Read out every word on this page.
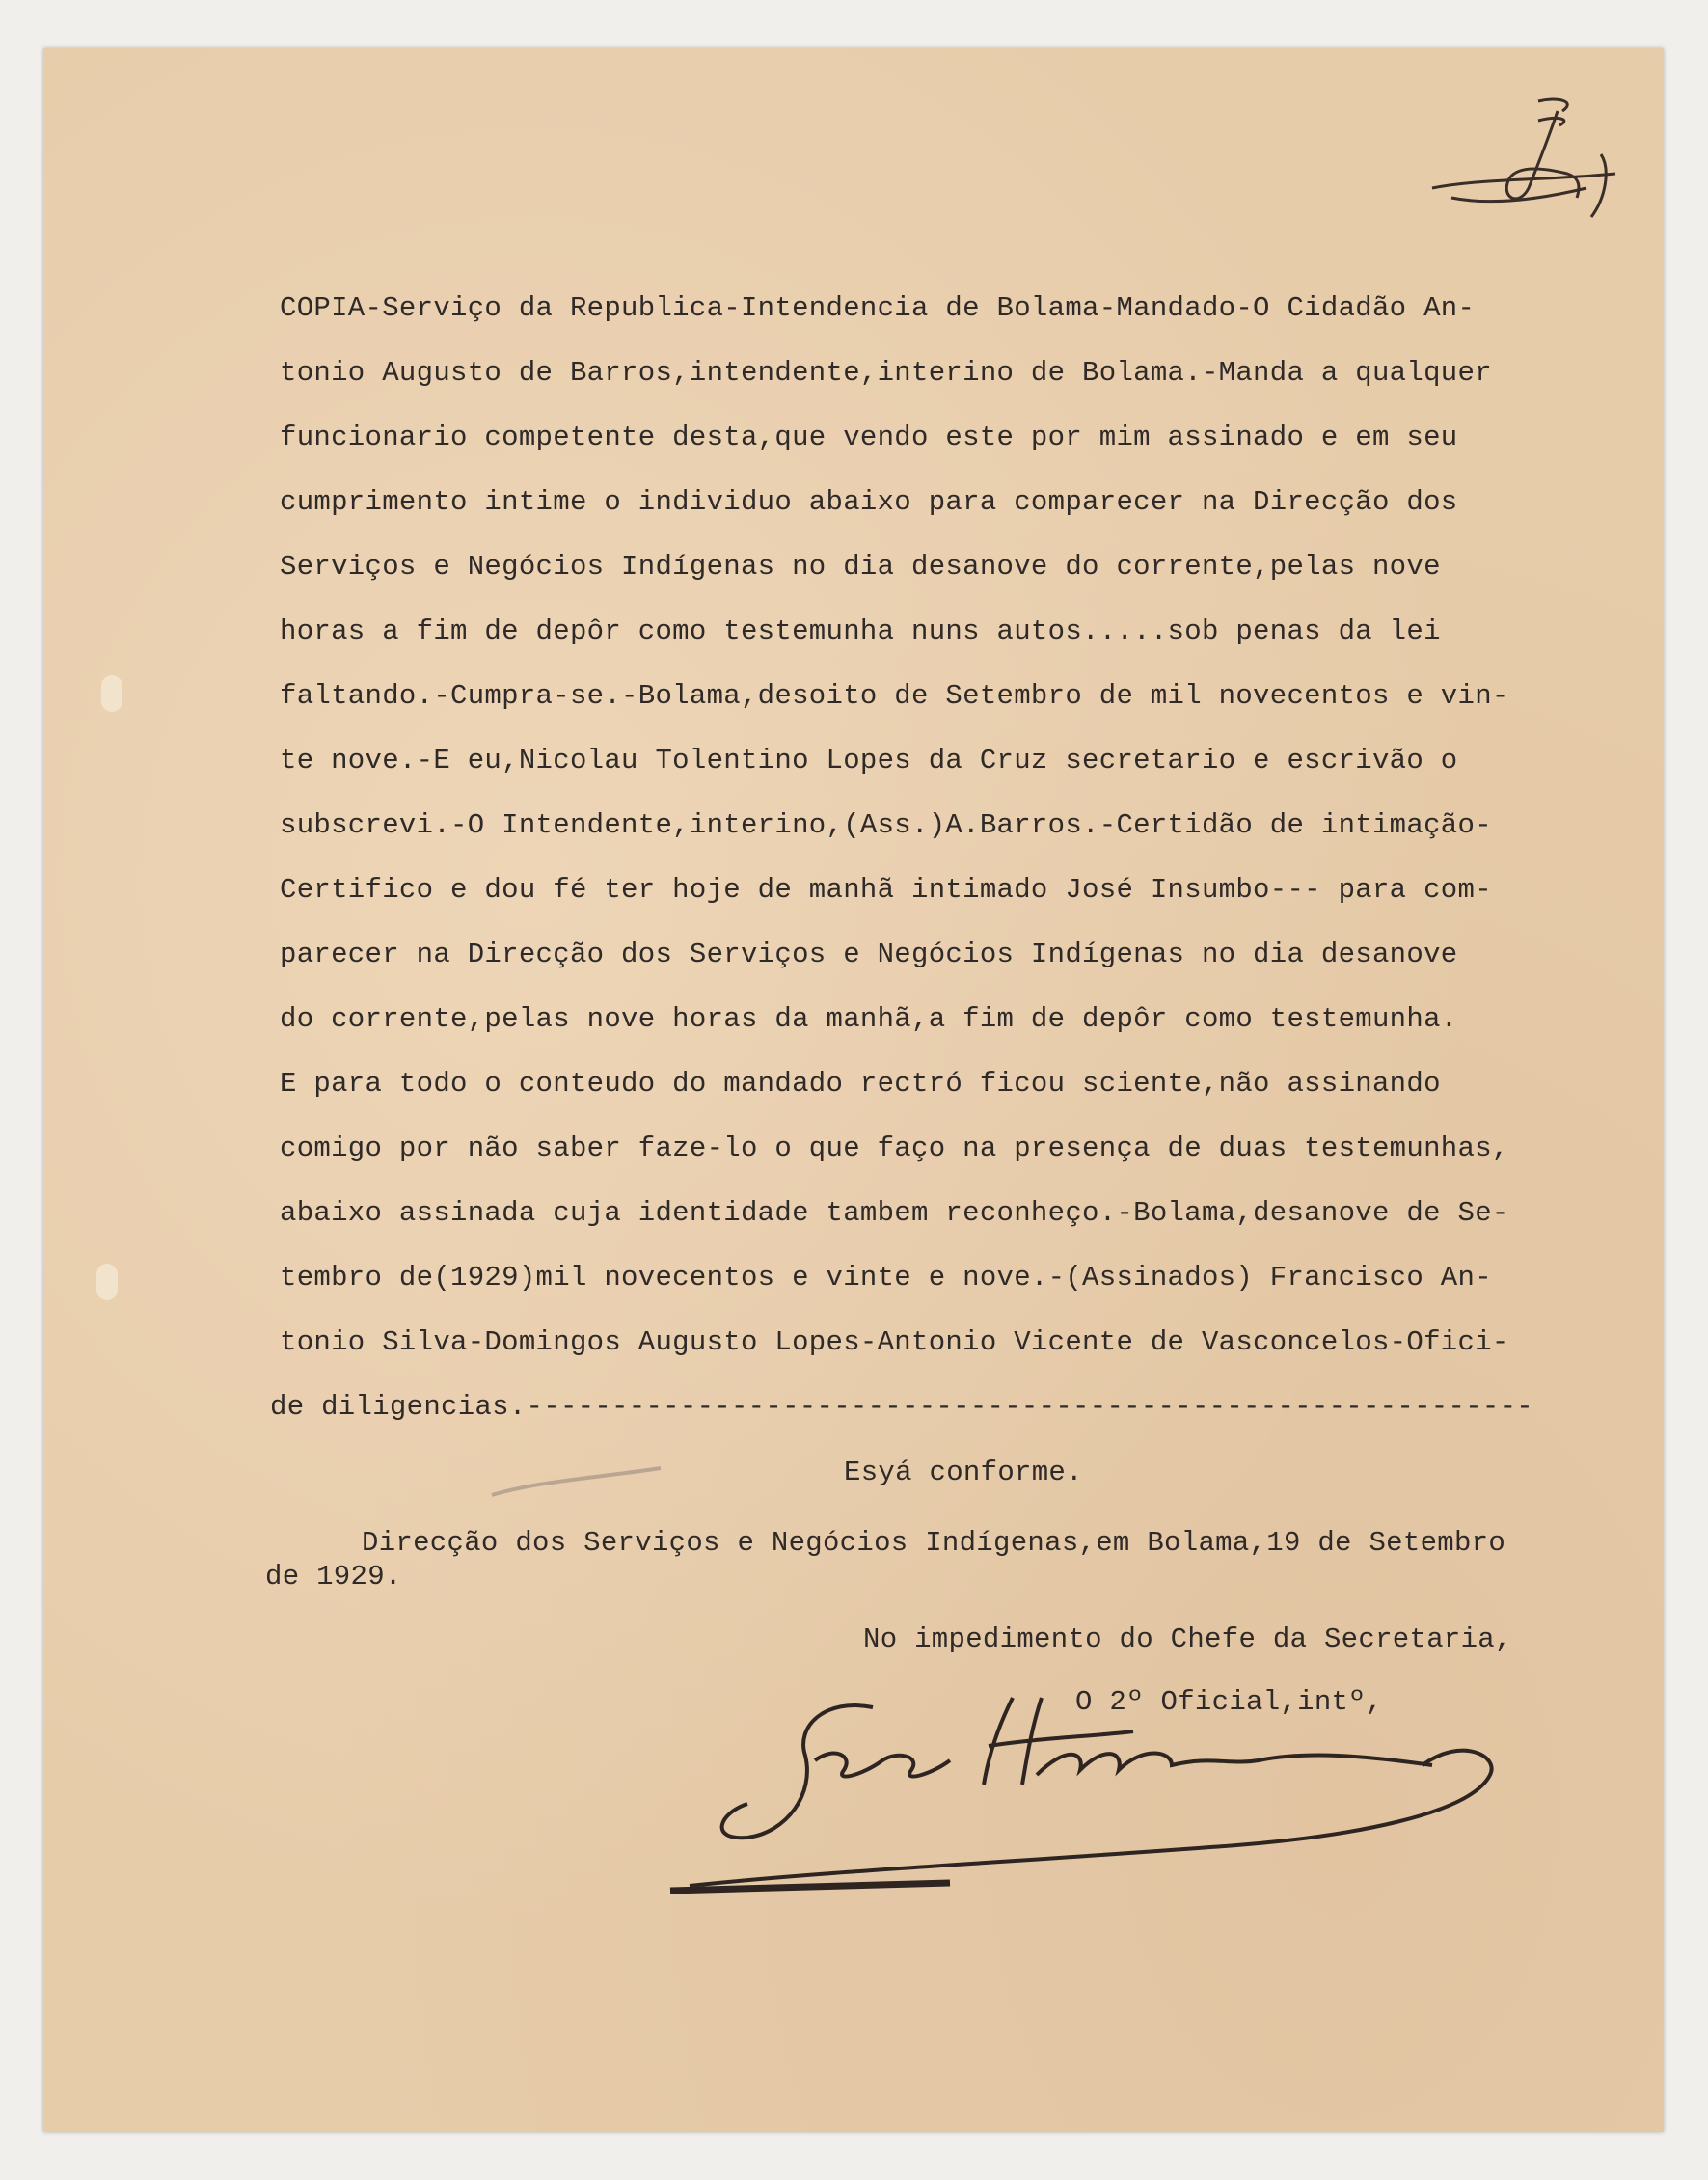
COPIA-Serviço da Republica-Intendencia de Bolama-Mandado-O Cidadão An-
tonio Augusto de Barros,intendente,interino de Bolama.-Manda a qualquer
funcionario competente desta,que vendo este por mim assinado e em seu
cumprimento intime o individuo abaixo para comparecer na Direcção dos
Serviços e Negócios Indígenas no dia desanove do corrente,pelas nove
horas a fim de depôr como testemunha nuns autos.....sob penas da lei
faltando.-Cumpra-se.-Bolama,desoito de Setembro de mil novecentos e vin-
te nove.-E eu,Nicolau Tolentino Lopes da Cruz secretario e escrivão o
subscrevi.-O Intendente,interino,(Ass.)A.Barros.-Certidão de intimação-
Certifico e dou fé ter hoje de manhã intimado José Insumbo--- para com-
parecer na Direcção dos Serviços e Negócios Indígenas no dia desanove
do corrente,pelas nove horas da manhã,a fim de depôr como testemunha.
E para todo o conteudo do mandado rectró ficou sciente,não assinando
comigo por não saber faze-lo o que faço na presença de duas testemunhas,
abaixo assinada cuja identidade tambem reconheço.-Bolama,desanove de Se-
tembro de(1929)mil novecentos e vinte e nove.-(Assinados) Francisco An-
tonio Silva-Domingos Augusto Lopes-Antonio Vicente de Vasconcelos-Ofici-
de diligencias.-----------------------------------------------------------
Esyá conforme.
Direcção dos Serviços e Negócios Indígenas,em Bolama,19 de Setembro
de 1929.
No impedimento do Chefe da Secretaria,
O 2º Oficial,intº,
